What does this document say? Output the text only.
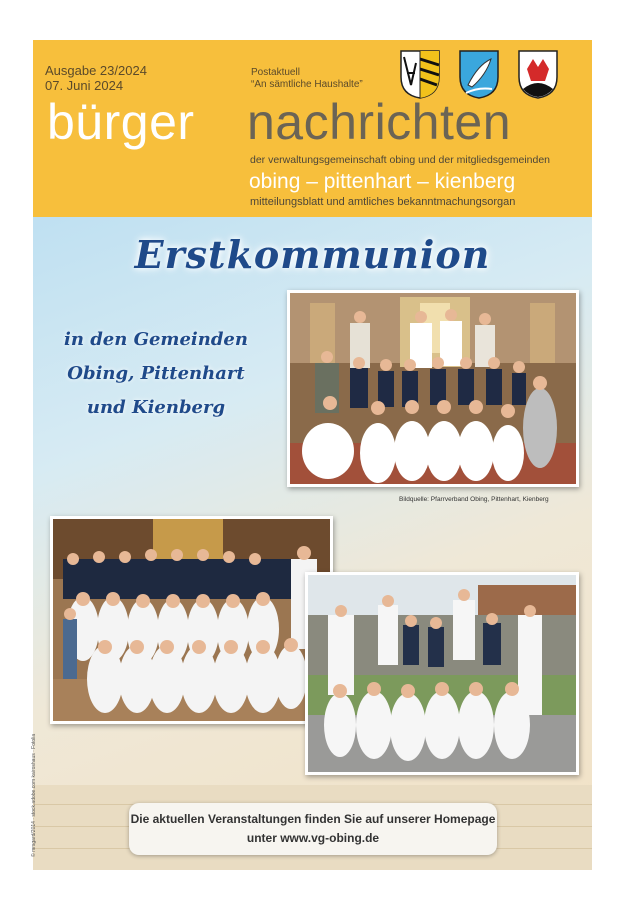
Ausgabe 23/2024
07. Juni 2024
Postaktuell
“An sämtliche Haushalte”
bürger nachrichten
der verwaltungsgemeinschaft obing und der mitgliedsgemeinden
obing – pittenhart – kienberg
mitteilungsblatt und amtliches bekanntmachungsorgan
Erstkommunion
in den Gemeinden
Obing, Pittenhart
und Kienberg
Bildquelle: Pfarrverband Obing, Pittenhart, Kienberg
Die aktuellen Veranstaltungen finden Sie auf unserer Homepage
unter www.vg-obing.de
© mrsgard/2014 · stock.adobe.com kairoshaus · Fotolia
